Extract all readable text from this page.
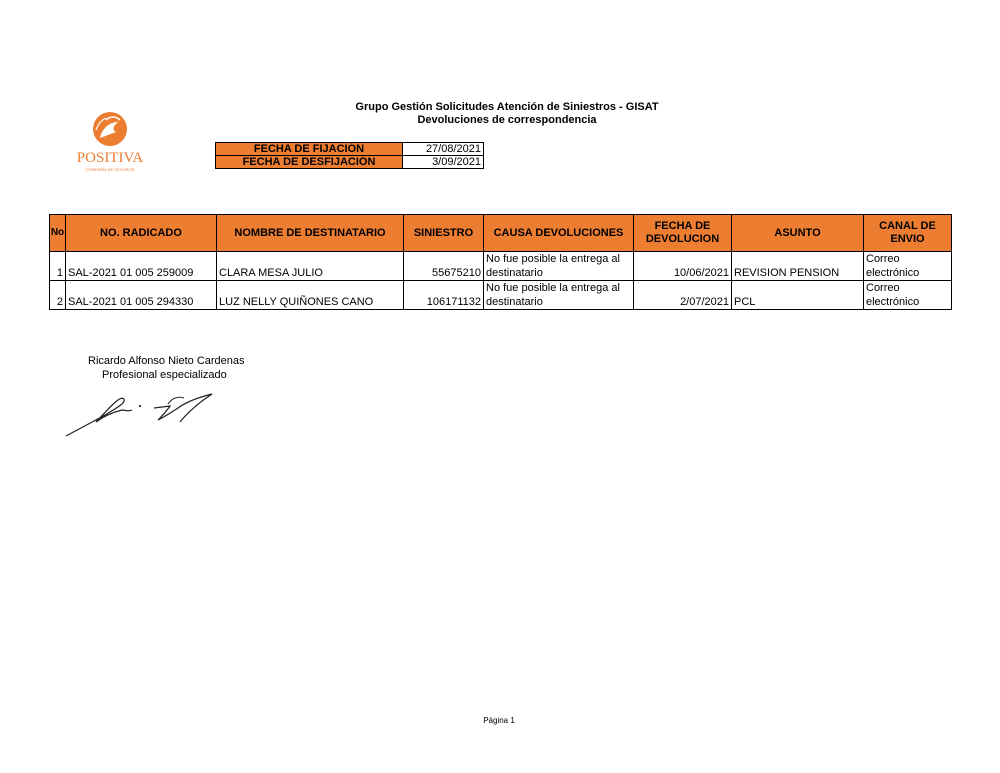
Grupo Gestión Solicitudes Atención de Siniestros - GISAT
Devoluciones de correspondencia
POSITIVA
COMPAÑÍA DE SEGUROS
FECHA DE FIJACIÓN	27/08/2021
FECHA DE DESFIJACIÓN	3/09/2021
No	NO. RADICADO	NOMBRE DE DESTINATARIO	SINIESTRO	CAUSA DEVOLUCIONES	FECHA DE DEVOLUCION	ASUNTO	CANAL DE ENVIO
1	SAL-2021 01 005 259009	CLARA MESA JULIO	55675210	No fue posible la entrega al destinatario	10/06/2021	REVISION PENSION	Correo electrónico
2	SAL-2021 01 005 294330	LUZ NELLY QUIÑONES CANO	106171132	No fue posible la entrega al destinatario	2/07/2021	PCL	Correo electrónico
Ricardo Alfonso Nieto Cardenas
Profesional especializado
Página 1
